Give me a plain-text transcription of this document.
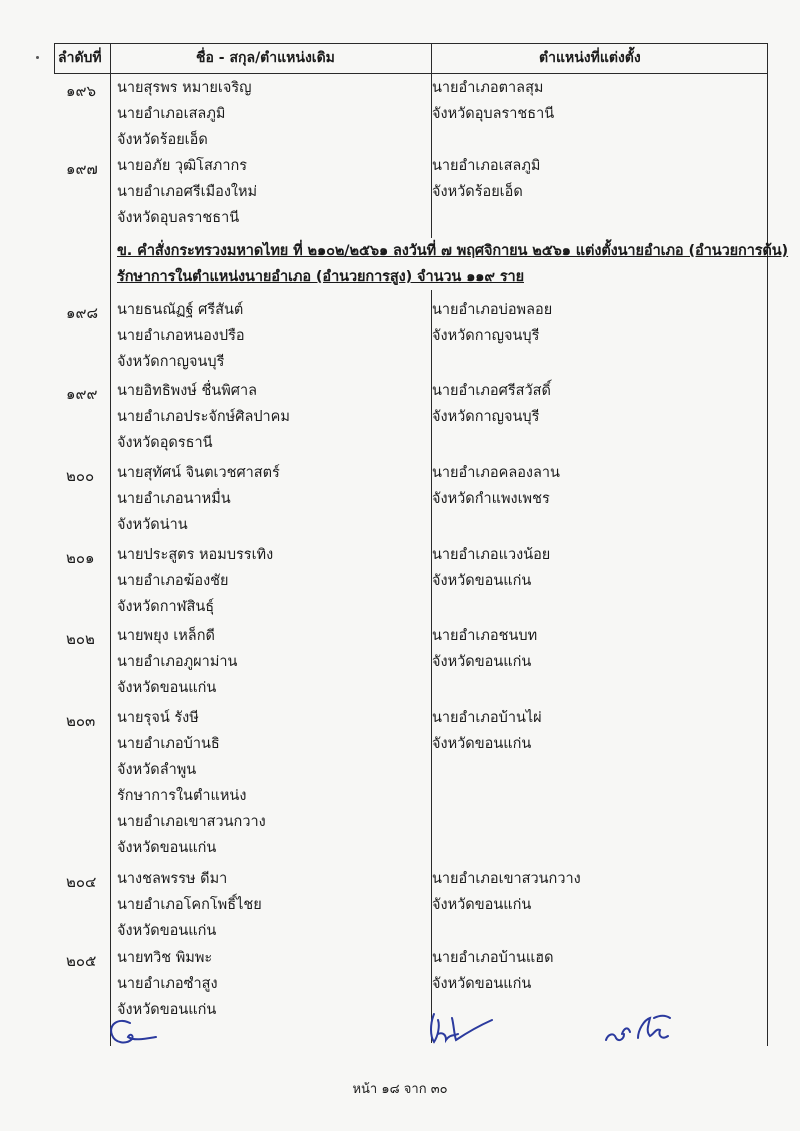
ลำดับที่	ชื่อ - สกุล/ตำแหน่งเดิม	ตำแหน่งที่แต่งตั้ง
๑๙๖ นายสุรพร หมายเจริญ
นายอำเภอเสลภูมิ
จังหวัดร้อยเอ็ด
นายอำเภอตาลสุม
จังหวัดอุบลราชธานี
๑๙๗ นายอภัย วุฒิโสภากร
นายอำเภอศรีเมืองใหม่
จังหวัดอุบลราชธานี
นายอำเภอเสลภูมิ
จังหวัดร้อยเอ็ด
ข. คำสั่งกระทรวงมหาดไทย ที่ ๒๑๐๒/๒๕๖๑ ลงวันที่ ๗ พฤศจิกายน ๒๕๖๑ แต่งตั้งนายอำเภอ (อำนวยการต้น)
รักษาการในตำแหน่งนายอำเภอ (อำนวยการสูง) จำนวน ๑๑๙ ราย
๑๙๘ นายธนณัฏฐ์ ศรีสันต์
นายอำเภอหนองปรือ
จังหวัดกาญจนบุรี
นายอำเภอบ่อพลอย
จังหวัดกาญจนบุรี
๑๙๙ นายอิทธิพงษ์ ชื่นพิศาล
นายอำเภอประจักษ์ศิลปาคม
จังหวัดอุดรธานี
นายอำเภอศรีสวัสดิ์
จังหวัดกาญจนบุรี
๒๐๐ นายสุทัศน์ จินตเวชศาสตร์
นายอำเภอนาหมื่น
จังหวัดน่าน
นายอำเภอคลองลาน
จังหวัดกำแพงเพชร
๒๐๑ นายประสูตร หอมบรรเทิง
นายอำเภอฆ้องชัย
จังหวัดกาฬสินธุ์
นายอำเภอแวงน้อย
จังหวัดขอนแก่น
๒๐๒ นายพยุง เหล็กดี
นายอำเภอภูผาม่าน
จังหวัดขอนแก่น
นายอำเภอชนบท
จังหวัดขอนแก่น
๒๐๓ นายรุจน์ รังษี
นายอำเภอบ้านธิ
จังหวัดลำพูน
รักษาการในตำแหน่ง
นายอำเภอเขาสวนกวาง
จังหวัดขอนแก่น
นายอำเภอบ้านไผ่
จังหวัดขอนแก่น
๒๐๔ นางชลพรรษ ดีมา
นายอำเภอโคกโพธิ์ไชย
จังหวัดขอนแก่น
นายอำเภอเขาสวนกวาง
จังหวัดขอนแก่น
๒๐๕ นายทวิช พิมพะ
นายอำเภอซำสูง
จังหวัดขอนแก่น
นายอำเภอบ้านแฮด
จังหวัดขอนแก่น
หน้า ๑๘ จาก ๓๐
